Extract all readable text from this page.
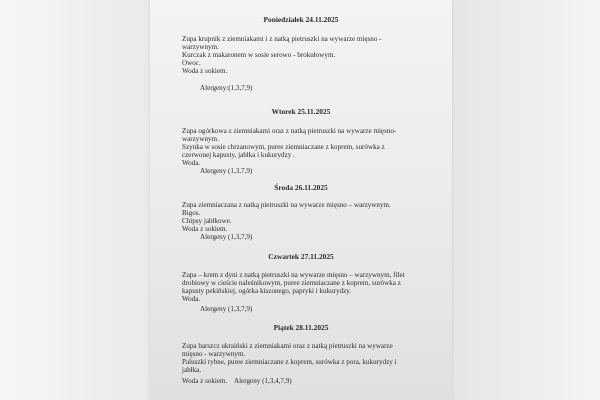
Poniedziałek 24.11.2025
Zupa krupnik z ziemniakami i z natką pietruszki na wywarze mięsno -
warzywnym.
Kurczak z makaronem w sosie serowo - brokułowym.
Owoc.
Woda z sokiem.
Alergeny:(1,3,7,9)
Wtorek 25.11.2025
Zupa ogórkowa z ziemniakami oraz z natką pietruszki na wywarze mięsno-
warzywnym.
Szynka w sosie chrzanowym, puree ziemniaczane z koprem, surówka z
czerwonej kapusty, jabłka i kukurydzy .
Woda.
Alergeny (1,3,7,9)
Środa 26.11.2025
Zupa ziemniaczana z natką pietruszki na wywarze mięsno – warzywnym.
Bigos.
Chipsy jabłkowe.
Woda z sokiem.
Alergeny (1,3,7,9)
Czwartek 27.11.2025
Zupa – krem z dyni z natką pietruszki na wywarze mięsno – warzywnym, filet
drobiowy w cieście naleśnikowym, puree ziemniaczane z koprem, surówka z
kapusty pekińskiej, ogórka kiszonego, papryki i kukurydzy.
Woda.
Alergeny (1,3,7,9)
Piątek 28.11.2025
Zupa barszcz ukraiński z ziemniakami oraz z natką pietruszki na wywarze
mięsno - warzywnym.
Paluszki rybne, puree ziemniaczane z koprem, surówka z pora, kukurydzy i
jabłka.
Woda z sokiem.    Alergeny (1,3,4,7,9)
